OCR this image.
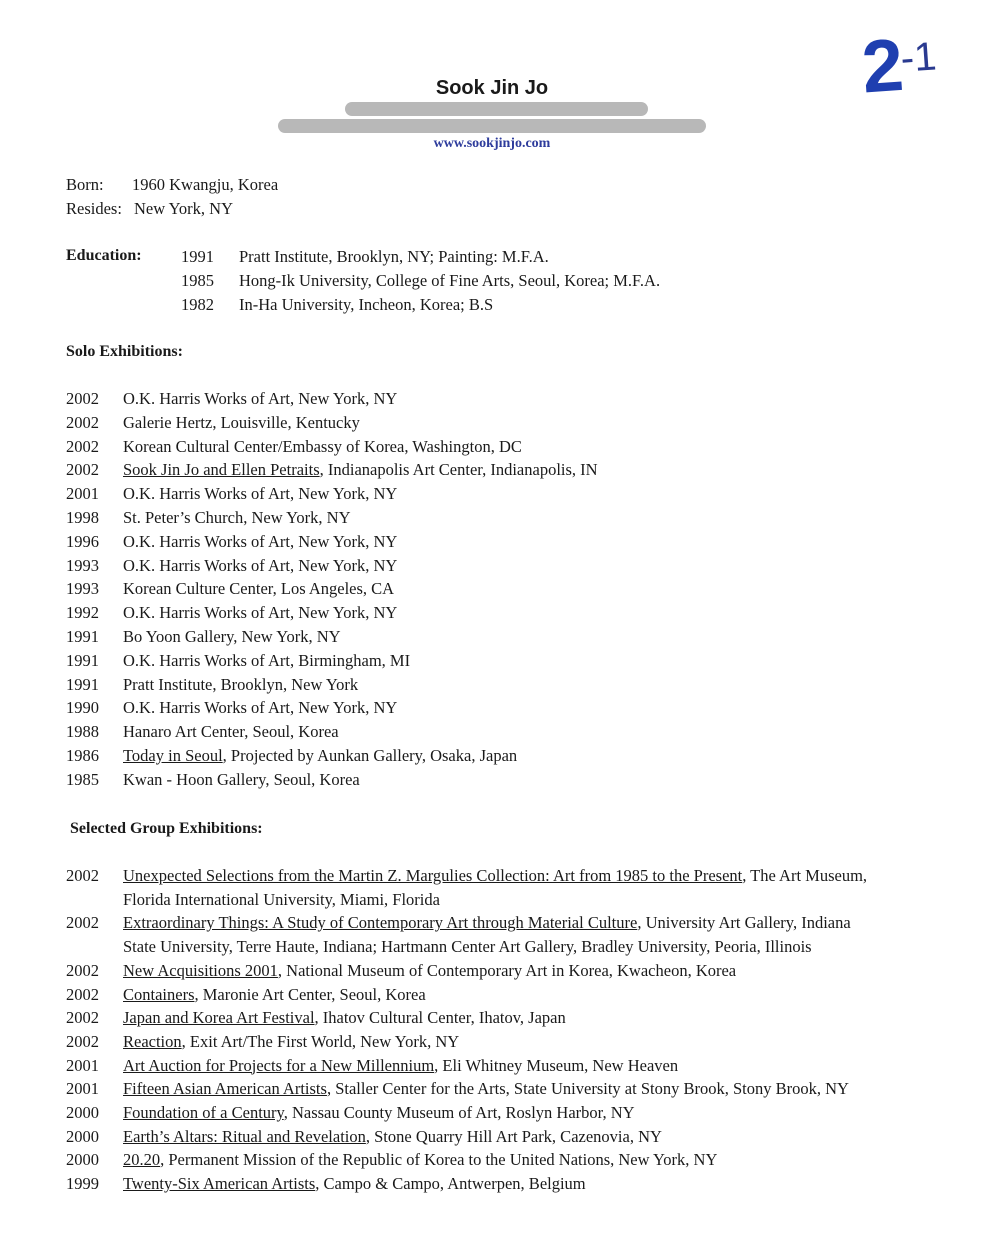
$2^{-1}$
Sook Jin Jo
www.sookjinjo.com
Born: 1960 Kwangju, Korea
Resides: New York, NY
Education: 1991 Pratt Institute, Brooklyn, NY; Painting: M.F.A.
1985 Hong-Ik University, College of Fine Arts, Seoul, Korea; M.F.A.
1982 In-Ha University, Incheon, Korea; B.S
Solo Exhibitions:
2002	O.K. Harris Works of Art, New York, NY
2002	Galerie Hertz, Louisville, Kentucky
2002	Korean Cultural Center/Embassy of Korea, Washington, DC
2002	Sook Jin Jo and Ellen Petraits, Indianapolis Art Center, Indianapolis, IN
2001	O.K. Harris Works of Art, New York, NY
1998	St. Peter’s Church, New York, NY
1996	O.K. Harris Works of Art, New York, NY
1993	O.K. Harris Works of Art, New York, NY
1993	Korean Culture Center, Los Angeles, CA
1992	O.K. Harris Works of Art, New York, NY
1991	Bo Yoon Gallery, New York, NY
1991	O.K. Harris Works of Art, Birmingham, MI
1991	Pratt Institute, Brooklyn, New York
1990	O.K. Harris Works of Art, New York, NY
1988	Hanaro Art Center, Seoul, Korea
1986	Today in Seoul, Projected by Aunkan Gallery, Osaka, Japan
1985	Kwan - Hoon Gallery, Seoul, Korea
Selected Group Exhibitions:
2002	Unexpected Selections from the Martin Z. Margulies Collection: Art from 1985 to the Present, The Art Museum,
Florida International University, Miami, Florida
2002	Extraordinary Things: A Study of Contemporary Art through Material Culture, University Art Gallery, Indiana
State University, Terre Haute, Indiana; Hartmann Center Art Gallery, Bradley University, Peoria, Illinois
2002	New Acquisitions 2001, National Museum of Contemporary Art in Korea, Kwacheon, Korea
2002	Containers, Maronie Art Center, Seoul, Korea
2002	Japan and Korea Art Festival, Ihatov Cultural Center, Ihatov, Japan
2002	Reaction, Exit Art/The First World, New York, NY
2001	Art Auction for Projects for a New Millennium, Eli Whitney Museum, New Heaven
2001	Fifteen Asian American Artists, Staller Center for the Arts, State University at Stony Brook, Stony Brook, NY
2000	Foundation of a Century, Nassau County Museum of Art, Roslyn Harbor, NY
2000	Earth’s Altars: Ritual and Revelation, Stone Quarry Hill Art Park, Cazenovia, NY
2000	20.20, Permanent Mission of the Republic of Korea to the United Nations, New York, NY
1999	Twenty-Six American Artists, Campo & Campo, Antwerpen, Belgium
